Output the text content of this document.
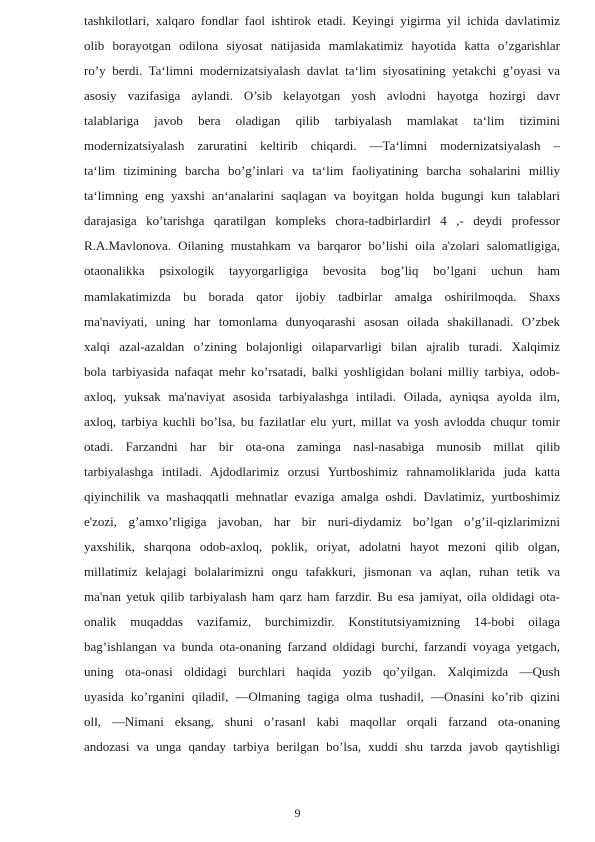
tashkilotlari, xalqaro fondlar faol ishtirok etadi. Keyingi yigirma yil ichida davlatimiz
olib borayotgan odilona siyosat natijasida mamlakatimiz hayotida katta o’zgarishlar
ro’y berdi. Ta‘limni modernizatsiyalash davlat ta‘lim siyosatining yetakchi g’oyasi va
asosiy vazifasiga aylandi. O’sib kelayotgan yosh avlodni hayotga hozirgi davr
talablariga javob bera oladigan qilib tarbiyalash mamlakat ta‘lim tizimini
modernizatsiyalash zaruratini keltirib chiqardi. ―Ta‘limni modernizatsiyalash –
ta‘lim tizimining barcha bo’g’inlari va ta‘lim faoliyatining barcha sohalarini milliy
ta‘limning eng yaxshi an‘analarini saqlagan va boyitgan holda bugungi kun talablari
darajasiga ko’tarishga qaratilgan kompleks chora-tadbirlardir‖ 4 ,- deydi professor
R.A.Mavlonova. Oilaning mustahkam va barqaror bo’lishi oila a'zolari salomatligiga,
otaonalikka psixologik tayyorgarligiga bevosita bog’liq bo’lgani uchun ham
mamlakatimizda bu borada qator ijobiy tadbirlar amalga oshirilmoqda. Shaxs
ma'naviyati, uning har tomonlama dunyoqarashi asosan oilada shakillanadi. O’zbek
xalqi azal-azaldan o’zining bolajonligi oilaparvarligi bilan ajralib turadi. Xalqimiz
bola tarbiyasida nafaqat mehr ko’rsatadi, balki yoshligidan bolani milliy tarbiya, odob-
axloq, yuksak ma'naviyat asosida tarbiyalashga intiladi. Oilada, ayniqsa ayolda ilm,
axloq, tarbiya kuchli bo’lsa, bu fazilatlar elu yurt, millat va yosh avlodda chuqur tomir
otadi. Farzandni har bir ota-ona zaminga nasl-nasabiga munosib millat qilib
tarbiyalashga intiladi. Ajdodlarimiz orzusi Yurtboshimiz rahnamoliklarida juda katta
qiyinchilik va mashaqqatli mehnatlar evaziga amalga oshdi. Davlatimiz, yurtboshimiz
e'zozi, g’amxo’rligiga javoban, har bir nuri-diydamiz bo’lgan o’g’il-qizlarimizni
yaxshilik, sharqona odob-axloq, poklik, oriyat, adolatni hayot mezoni qilib olgan,
millatimiz kelajagi bolalarimizni ongu tafakkuri, jismonan va aqlan, ruhan tetik va
ma'nan yetuk qilib tarbiyalash ham qarz ham farzdir. Bu esa jamiyat, oila oldidagi ota-
onalik muqaddas vazifamiz, burchimizdir. Konstitutsiyamizning 14-bobi oilaga
bag’ishlangan va bunda ota-onaning farzand oldidagi burchi, farzandi voyaga yetgach,
uning ota-onasi oldidagi burchlari haqida yozib qo’yilgan. Xalqimizda ―Qush
uyasida ko’rganini qiladi‖, ―Olmaning tagiga olma tushadi‖, ―Onasini ko’rib qizini
ol‖, ―Nimani eksang, shuni o’rasan‖ kabi maqollar orqali farzand ota-onaning
andozasi va unga qanday tarbiya berilgan bo’lsa, xuddi shu tarzda javob qaytishligi
9
